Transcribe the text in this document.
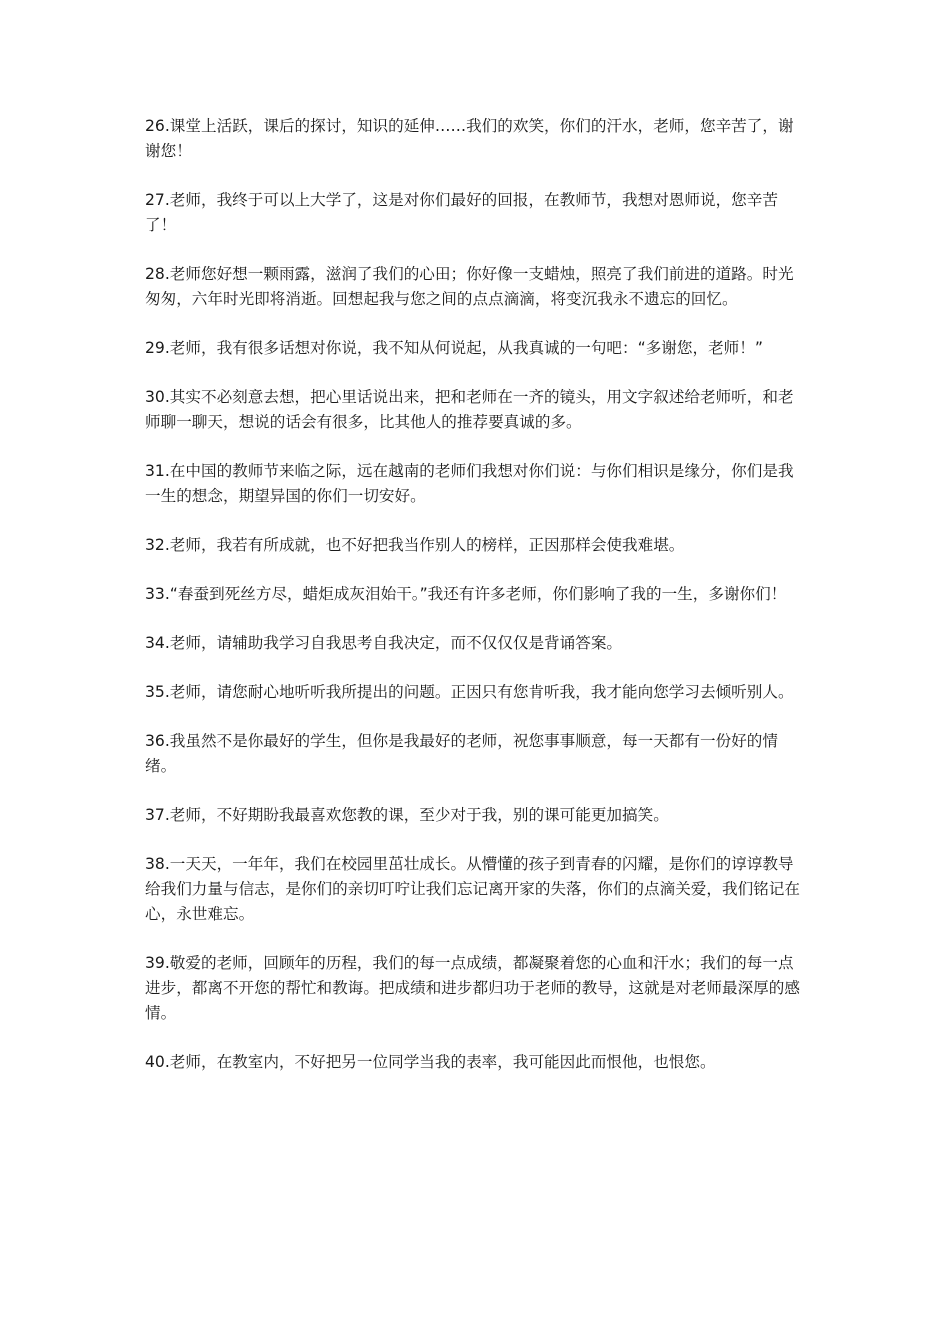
26.课堂上活跃，课后的探讨，知识的延伸……我们的欢笑，你们的汗水，老师，您辛苦了，谢谢您！

27.老师，我终于可以上大学了，这是对你们最好的回报，在教师节，我想对恩师说，您辛苦了！

28.老师您好想一颗雨露，滋润了我们的心田；你好像一支蜡烛，照亮了我们前进的道路。时光匆匆，六年时光即将消逝。回想起我与您之间的点点滴滴，将变沉我永不遗忘的回忆。

29.老师，我有很多话想对你说，我不知从何说起，从我真诚的一句吧：“多谢您，老师！”

30.其实不必刻意去想，把心里话说出来，把和老师在一齐的镜头，用文字叙述给老师听，和老师聊一聊天，想说的话会有很多，比其他人的推荐要真诚的多。

31.在中国的教师节来临之际，远在越南的老师们我想对你们说：与你们相识是缘分，你们是我一生的想念，期望异国的你们一切安好。

32.老师，我若有所成就，也不好把我当作别人的榜样，正因那样会使我难堪。

33.“春蚕到死丝方尽，蜡炬成灰泪始干。”我还有许多老师，你们影响了我的一生，多谢你们！

34.老师，请辅助我学习自我思考自我决定，而不仅仅仅是背诵答案。

35.老师，请您耐心地听听我所提出的问题。正因只有您肯听我，我才能向您学习去倾听别人。

36.我虽然不是你最好的学生，但你是我最好的老师，祝您事事顺意，每一天都有一份好的情绪。

37.老师，不好期盼我最喜欢您教的课，至少对于我，别的课可能更加搞笑。

38.一天天，一年年，我们在校园里茁壮成长。从懵懂的孩子到青春的闪耀，是你们的谆谆教导给我们力量与信志，是你们的亲切叮咛让我们忘记离开家的失落，你们的点滴关爱，我们铭记在心，永世难忘。

39.敬爱的老师，回顾年的历程，我们的每一点成绩，都凝聚着您的心血和汗水；我们的每一点进步，都离不开您的帮忙和教诲。把成绩和进步都归功于老师的教导，这就是对老师最深厚的感情。

40.老师，在教室内，不好把另一位同学当我的表率，我可能因此而恨他，也恨您。
